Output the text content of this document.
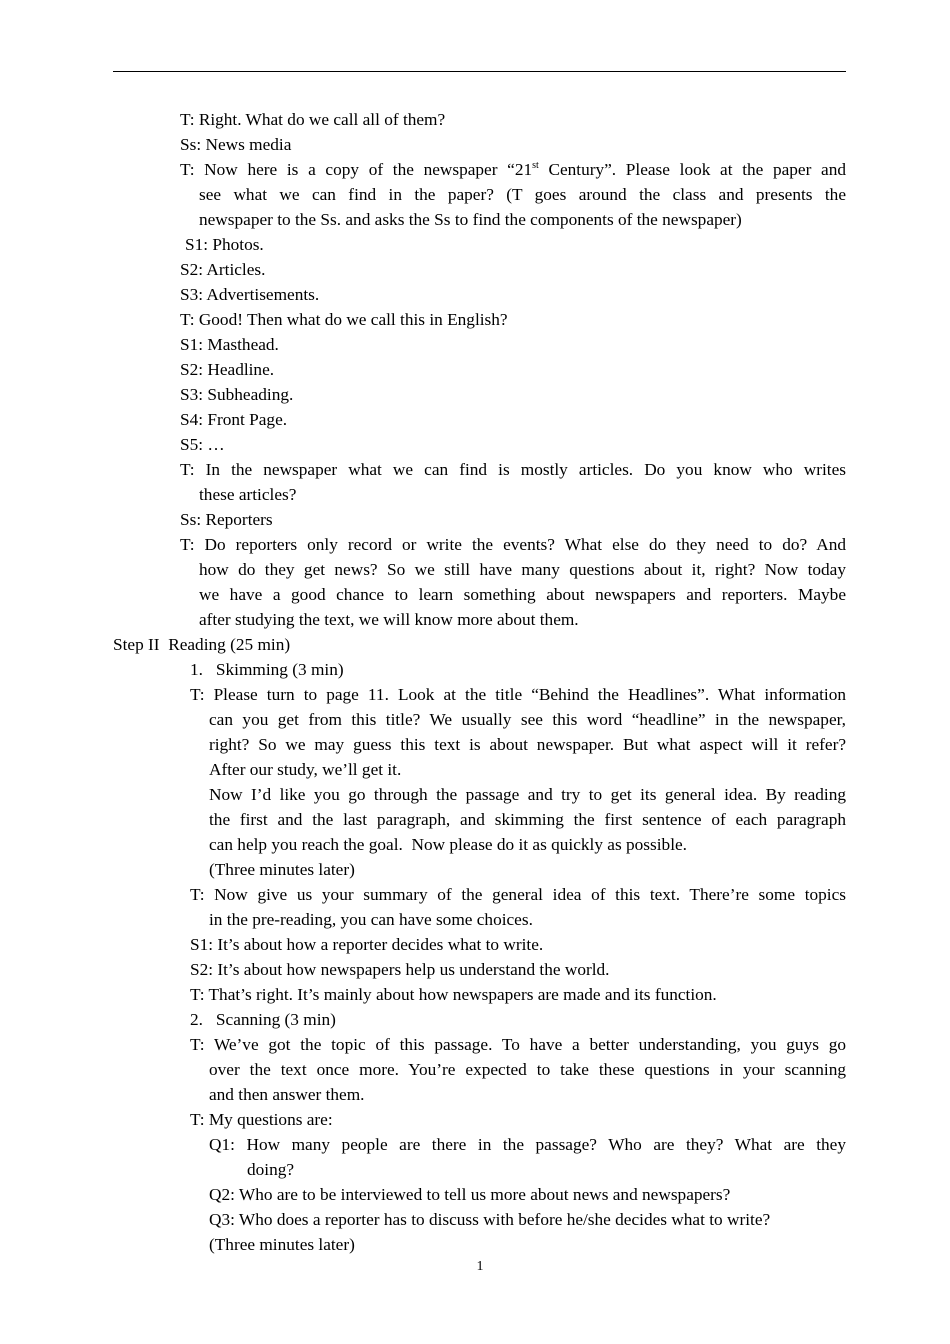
T: Right. What do we call all of them?
Ss: News media
T: Now here is a copy of the newspaper “21st Century”. Please look at the paper and
see what we can find in the paper? (T goes around the class and presents the
newspaper to the Ss. and asks the Ss to find the components of the newspaper)
S1: Photos.
S2: Articles.
S3: Advertisements.
T: Good! Then what do we call this in English?
S1: Masthead.
S2: Headline.
S3: Subheading.
S4: Front Page.
S5: …
T: In the newspaper what we can find is mostly articles. Do you know who writes
these articles?
Ss: Reporters
T: Do reporters only record or write the events? What else do they need to do? And
how do they get news? So we still have many questions about it, right? Now today
we have a good chance to learn something about newspapers and reporters. Maybe
after studying the text, we will know more about them.
Step II  Reading (25 min)
1.   Skimming (3 min)
T: Please turn to page 11. Look at the title “Behind the Headlines”. What information
can you get from this title? We usually see this word “headline” in the newspaper,
right? So we may guess this text is about newspaper. But what aspect will it refer?
After our study, we’ll get it.
Now I’d like you go through the passage and try to get its general idea. By reading
the first and the last paragraph, and skimming the first sentence of each paragraph
can help you reach the goal.  Now please do it as quickly as possible.
(Three minutes later)
T: Now give us your summary of the general idea of this text. There’re some topics
in the pre-reading, you can have some choices.
S1: It’s about how a reporter decides what to write.
S2: It’s about how newspapers help us understand the world.
T: That’s right. It’s mainly about how newspapers are made and its function.
2.   Scanning (3 min)
T: We’ve got the topic of this passage. To have a better understanding, you guys go
over the text once more. You’re expected to take these questions in your scanning
and then answer them.
T: My questions are:
Q1: How many people are there in the passage? Who are they? What are they
doing?
Q2: Who are to be interviewed to tell us more about news and newspapers?
Q3: Who does a reporter has to discuss with before he/she decides what to write?
(Three minutes later)
1
